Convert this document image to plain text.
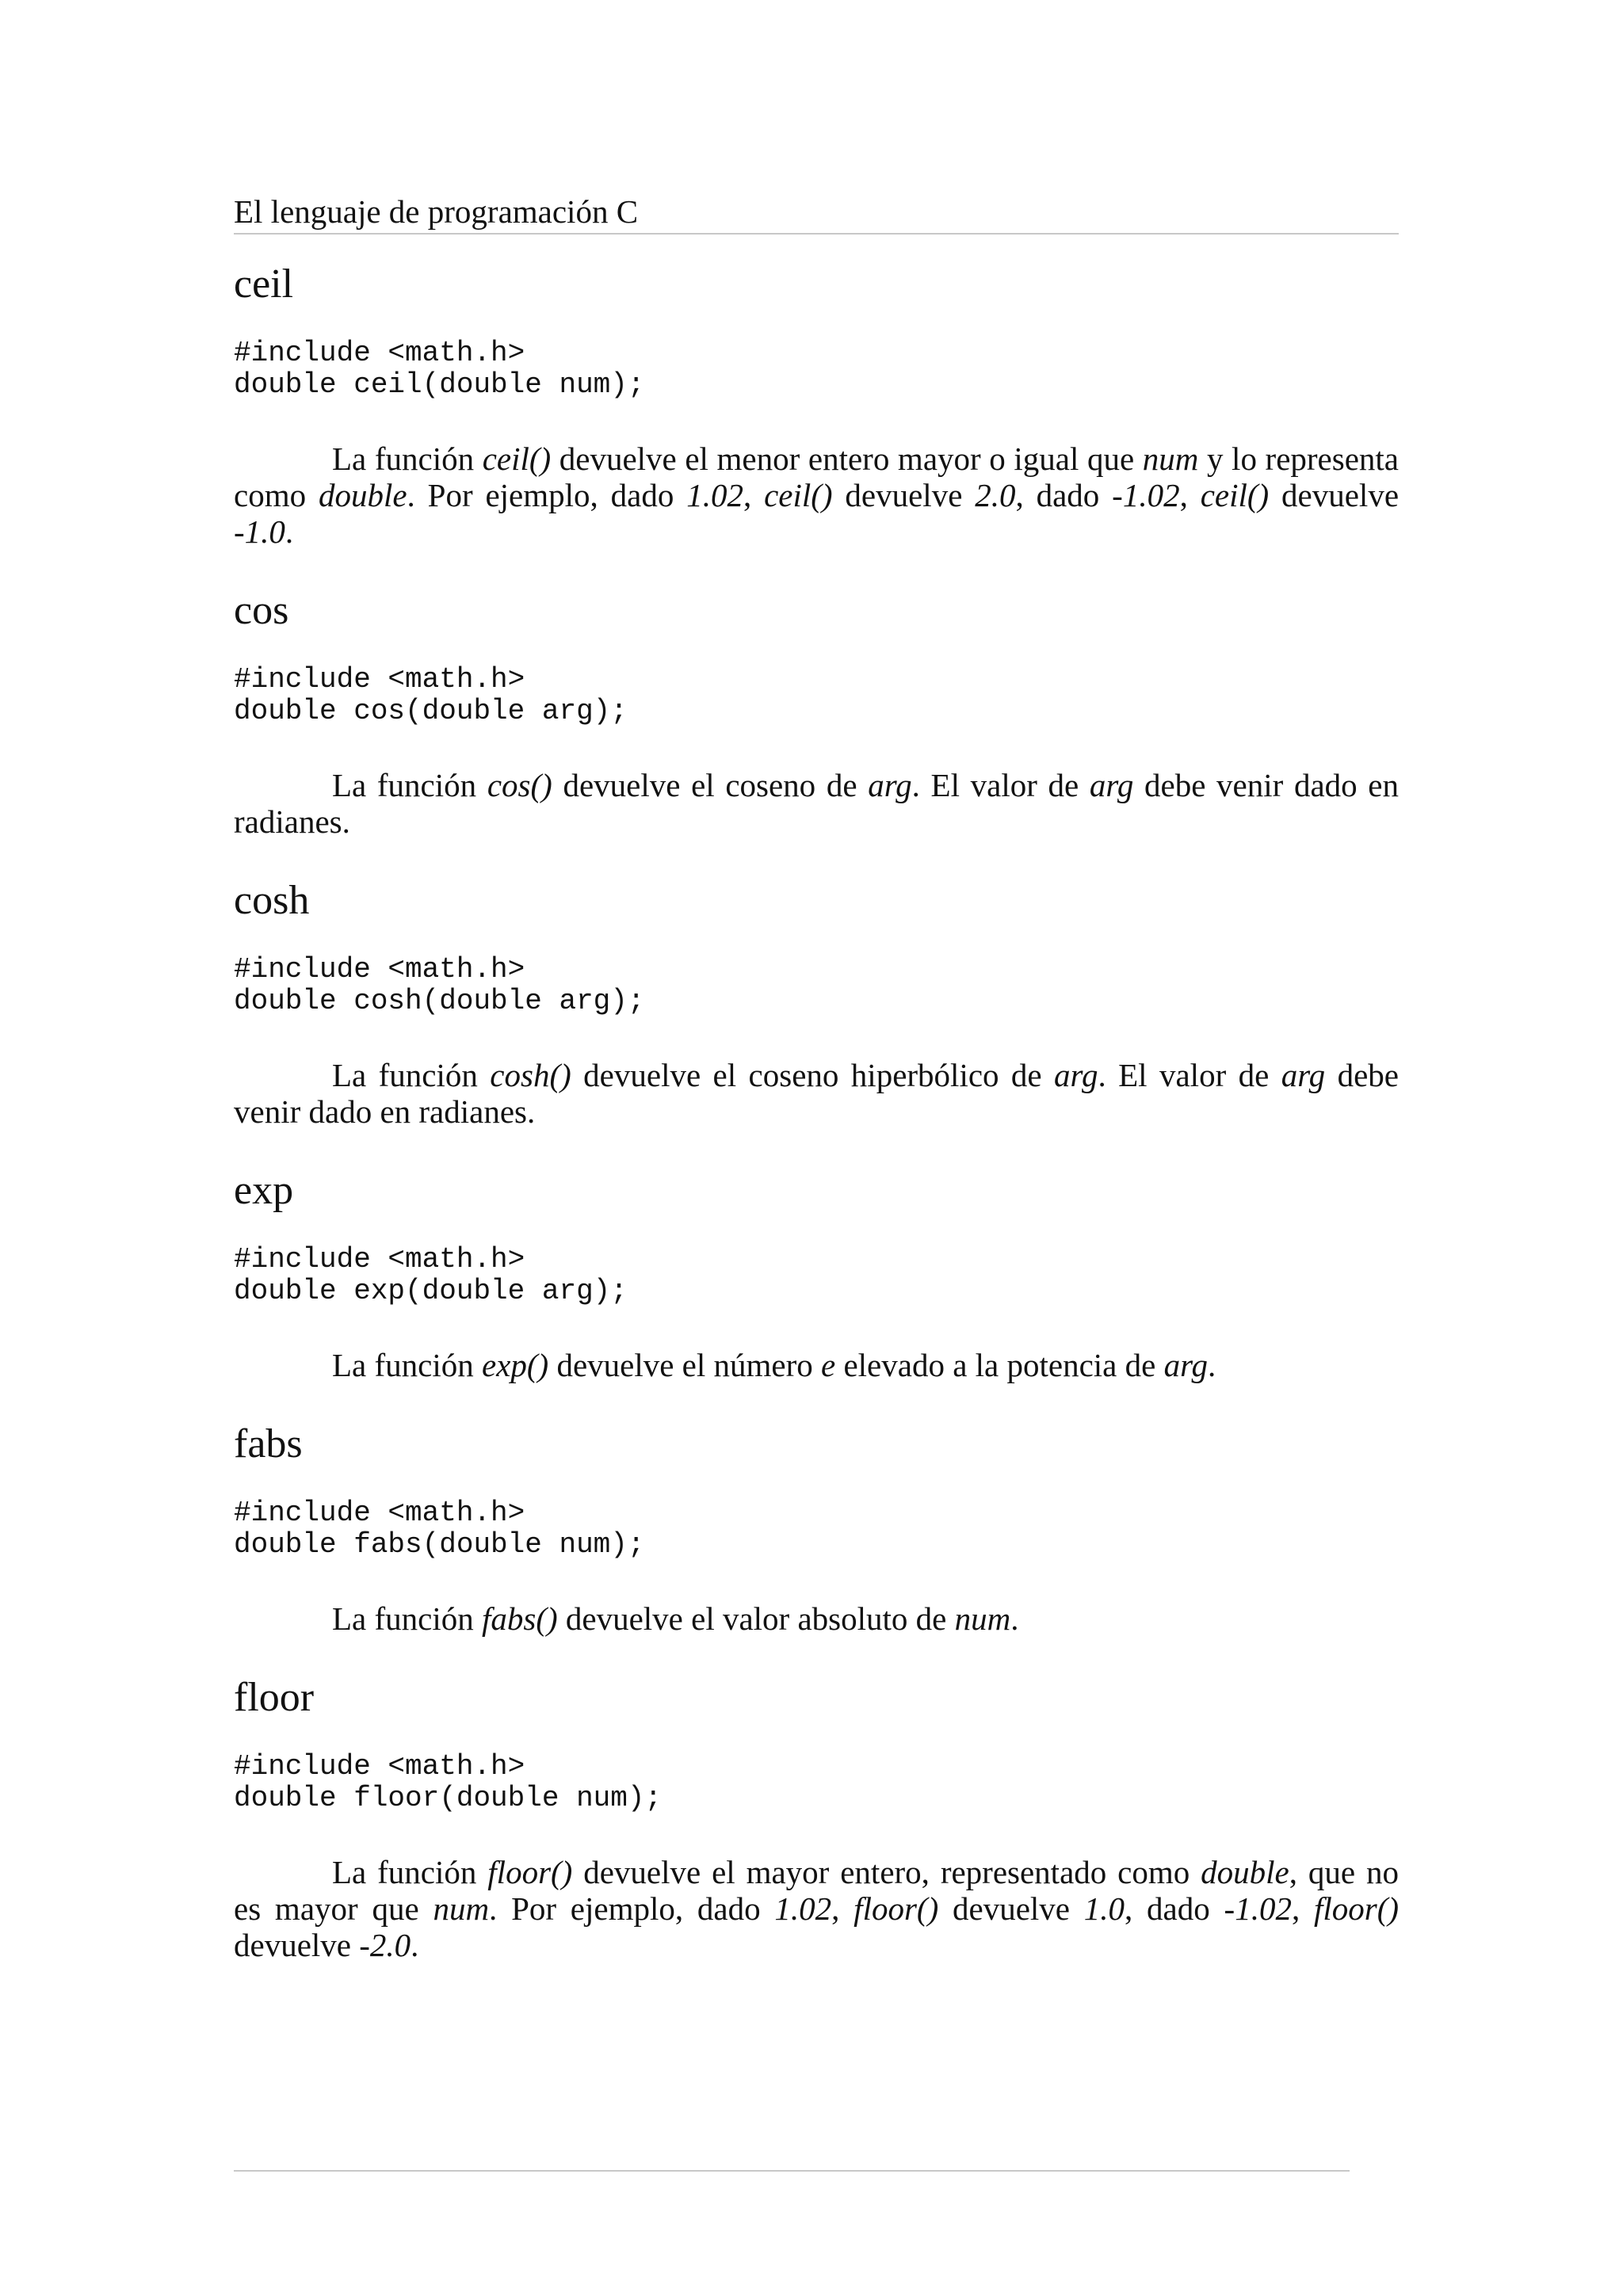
El lenguaje de programación C
ceil
#include <math.h>
double ceil(double num);
La función ceil() devuelve el menor entero mayor o igual que num y lo representa como double. Por ejemplo, dado 1.02, ceil() devuelve 2.0, dado -1.02, ceil() devuelve -1.0.
cos
#include <math.h>
double cos(double arg);
La función cos() devuelve el coseno de arg. El valor de arg debe venir dado en radianes.
cosh
#include <math.h>
double cosh(double arg);
La función cosh() devuelve el coseno hiperbólico de arg. El valor de arg debe venir dado en radianes.
exp
#include <math.h>
double exp(double arg);
La función exp() devuelve el número e elevado a la potencia de arg.
fabs
#include <math.h>
double fabs(double num);
La función fabs() devuelve el valor absoluto de num.
floor
#include <math.h>
double floor(double num);
La función floor() devuelve el mayor entero, representado como double, que no es mayor que num. Por ejemplo, dado 1.02, floor() devuelve 1.0, dado -1.02, floor() devuelve -2.0.
